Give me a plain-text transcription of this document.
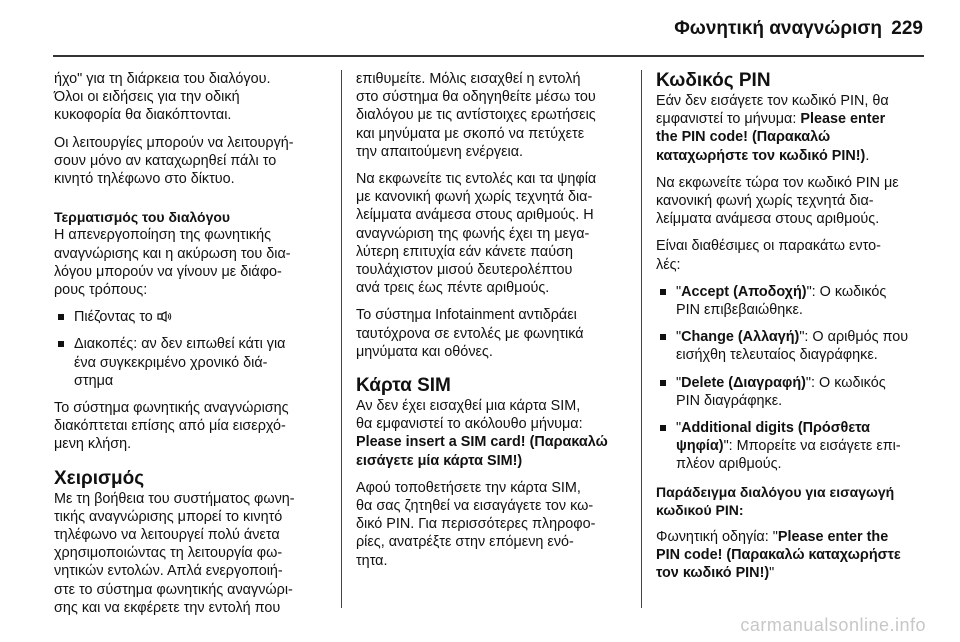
Φωνητική αναγνώριση 229

ήχο" για τη διάρκεια του διαλόγου.
Όλοι οι ειδήσεις για την οδική
κυκοφορία θα διακόπτονται.

Οι λειτουργίες μπορούν να λειτουργή-
σουν μόνο αν καταχωρηθεί πάλι το
κινητό τηλέφωνο στο δίκτυο.

Τερματισμός του διαλόγου

Η απενεργοποίηση της φωνητικής
αναγνώρισης και η ακύρωση του δια-
λόγου μπορούν να γίνουν με διάφο-
ρους τρόπους:

Πιέζοντας το
Διακοπές: αν δεν ειπωθεί κάτι για
ένα συγκεκριμένο χρονικό διά-
στημα

Το σύστημα φωνητικής αναγνώρισης
διακόπτεται επίσης από μία εισερχό-
μενη κλήση.

Χειρισμός

Με τη βοήθεια του συστήματος φωνη-
τικής αναγνώρισης μπορεί το κινητό
τηλέφωνο να λειτουργεί πολύ άνετα
χρησιμοποιώντας τη λειτουργία φω-
νητικών εντολών. Απλά ενεργοποιή-
στε το σύστημα φωνητικής αναγνώρι-
σης και να εκφέρετε την εντολή που

επιθυμείτε. Μόλις εισαχθεί η εντολή
στο σύστημα θα οδηγηθείτε μέσω του
διαλόγου με τις αντίστοιχες ερωτήσεις
και μηνύματα με σκοπό να πετύχετε
την απαιτούμενη ενέργεια.

Να εκφωνείτε τις εντολές και τα ψηφία
με κανονική φωνή χωρίς τεχνητά δια-
λείμματα ανάμεσα στους αριθμούς. Η
αναγνώριση της φωνής έχει τη μεγα-
λύτερη επιτυχία εάν κάνετε παύση
τουλάχιστον μισού δευτερολέπτου
ανά τρεις έως πέντε αριθμούς.

Το σύστημα Infotainment αντιδράει
ταυτόχρονα σε εντολές με φωνητικά
μηνύματα και οθόνες.

Κάρτα SIM

Αν δεν έχει εισαχθεί μια κάρτα SIM,
θα εμφανιστεί το ακόλουθο μήνυμα:
Please insert a SIM card! (Παρακαλώ
εισάγετε μία κάρτα SIM!)

Αφού τοποθετήσετε την κάρτα SIM,
θα σας ζητηθεί να εισαγάγετε τον κω-
δικό PIN. Για περισσότερες πληροφο-
ρίες, ανατρέξτε στην επόμενη ενό-
τητα.

Κωδικός PIN

Εάν δεν εισάγετε τον κωδικό PIN, θα
εμφανιστεί το μήνυμα: Please enter
the PIN code! (Παρακαλώ
καταχωρήστε τον κωδικό PIN!).

Να εκφωνείτε τώρα τον κωδικό PIN με
κανονική φωνή χωρίς τεχνητά δια-
λείμματα ανάμεσα στους αριθμούς.

Είναι διαθέσιμες οι παρακάτω εντο-
λές:

"Accept (Αποδοχή)": Ο κωδικός
PIN επιβεβαιώθηκε.
"Change (Αλλαγή)": Ο αριθμός που
εισήχθη τελευταίος διαγράφηκε.
"Delete (Διαγραφή)": Ο κωδικός
PIN διαγράφηκε.
"Additional digits (Πρόσθετα
ψηφία)": Μπορείτε να εισάγετε επι-
πλέον αριθμούς.
Παράδειγμα διαλόγου για εισαγωγή
κωδικού PIN:

Φωνητική οδηγία: "Please enter the
PIN code! (Παρακαλώ καταχωρήστε
τον κωδικό PIN!)"

carmanualsonline.info
